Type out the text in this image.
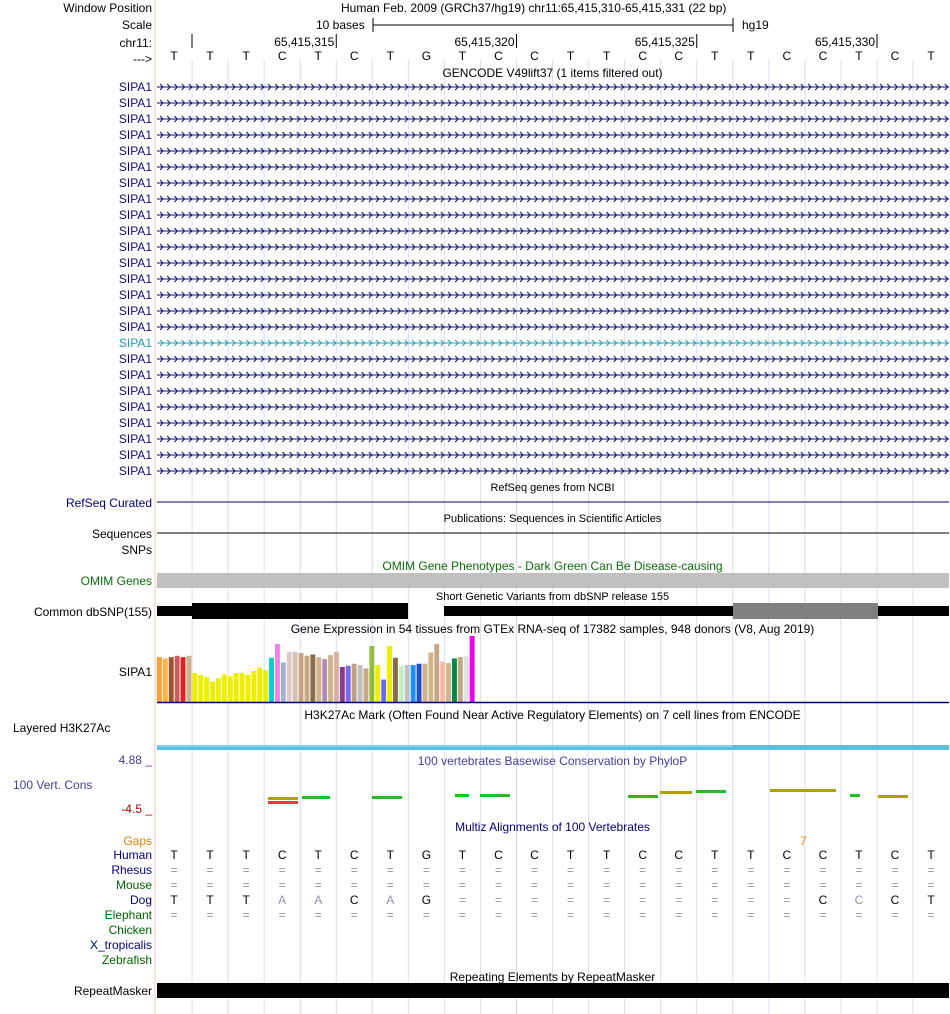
Window Position	Human Feb. 2009 (GRCh37/hg19) chr11:65,415,310-65,415,331 (22 bp)
Scale	10 bases	hg19
chr11:
--->
65,415,315	65,415,320	65,415,325	65,415,330
T T T C T C T G T C C T T C C T T C C T C T
GENCODE V49lift37 (1 items filtered out)
SIPA1
SIPA1
SIPA1
SIPA1
SIPA1
SIPA1
SIPA1
SIPA1
SIPA1
SIPA1
SIPA1
SIPA1
SIPA1
SIPA1
SIPA1
SIPA1
SIPA1
SIPA1
SIPA1
SIPA1
SIPA1
SIPA1
SIPA1
SIPA1
SIPA1
RefSeq Curated
RefSeq genes from NCBI
Sequences
Publications: Sequences in Scientific Articles
SNPs
OMIM Gene Phenotypes - Dark Green Can Be Disease-causing
OMIM Genes
Short Genetic Variants from dbSNP release 155
Common dbSNP(155)
Gene Expression in 54 tissues from GTEx RNA-seq of 17382 samples, 948 donors (V8, Aug 2019)
SIPA1
H3K27Ac Mark (Often Found Near Active Regulatory Elements) on 7 cell lines from ENCODE
Layered H3K27Ac
100 vertebrates Basewise Conservation by PhyloP
4.88 _
100 Vert. Cons
-4.5 _
Multiz Alignments of 100 Vertebrates
Gaps	7
Human T T T C T C T G T C C T T C C T T C C T C T
Rhesus = = = = = = = = = = = = = = = = = = = = = =
Mouse = = = = = = = = = = = = = = = = = = = = = =
Dog T T T A A C A G = = = = = = = = = = C C C T
Elephant = = = = = = = = = = = = = = = = = = = = = =
Chicken
X_tropicalis
Zebrafish
Repeating Elements by RepeatMasker
RepeatMasker
